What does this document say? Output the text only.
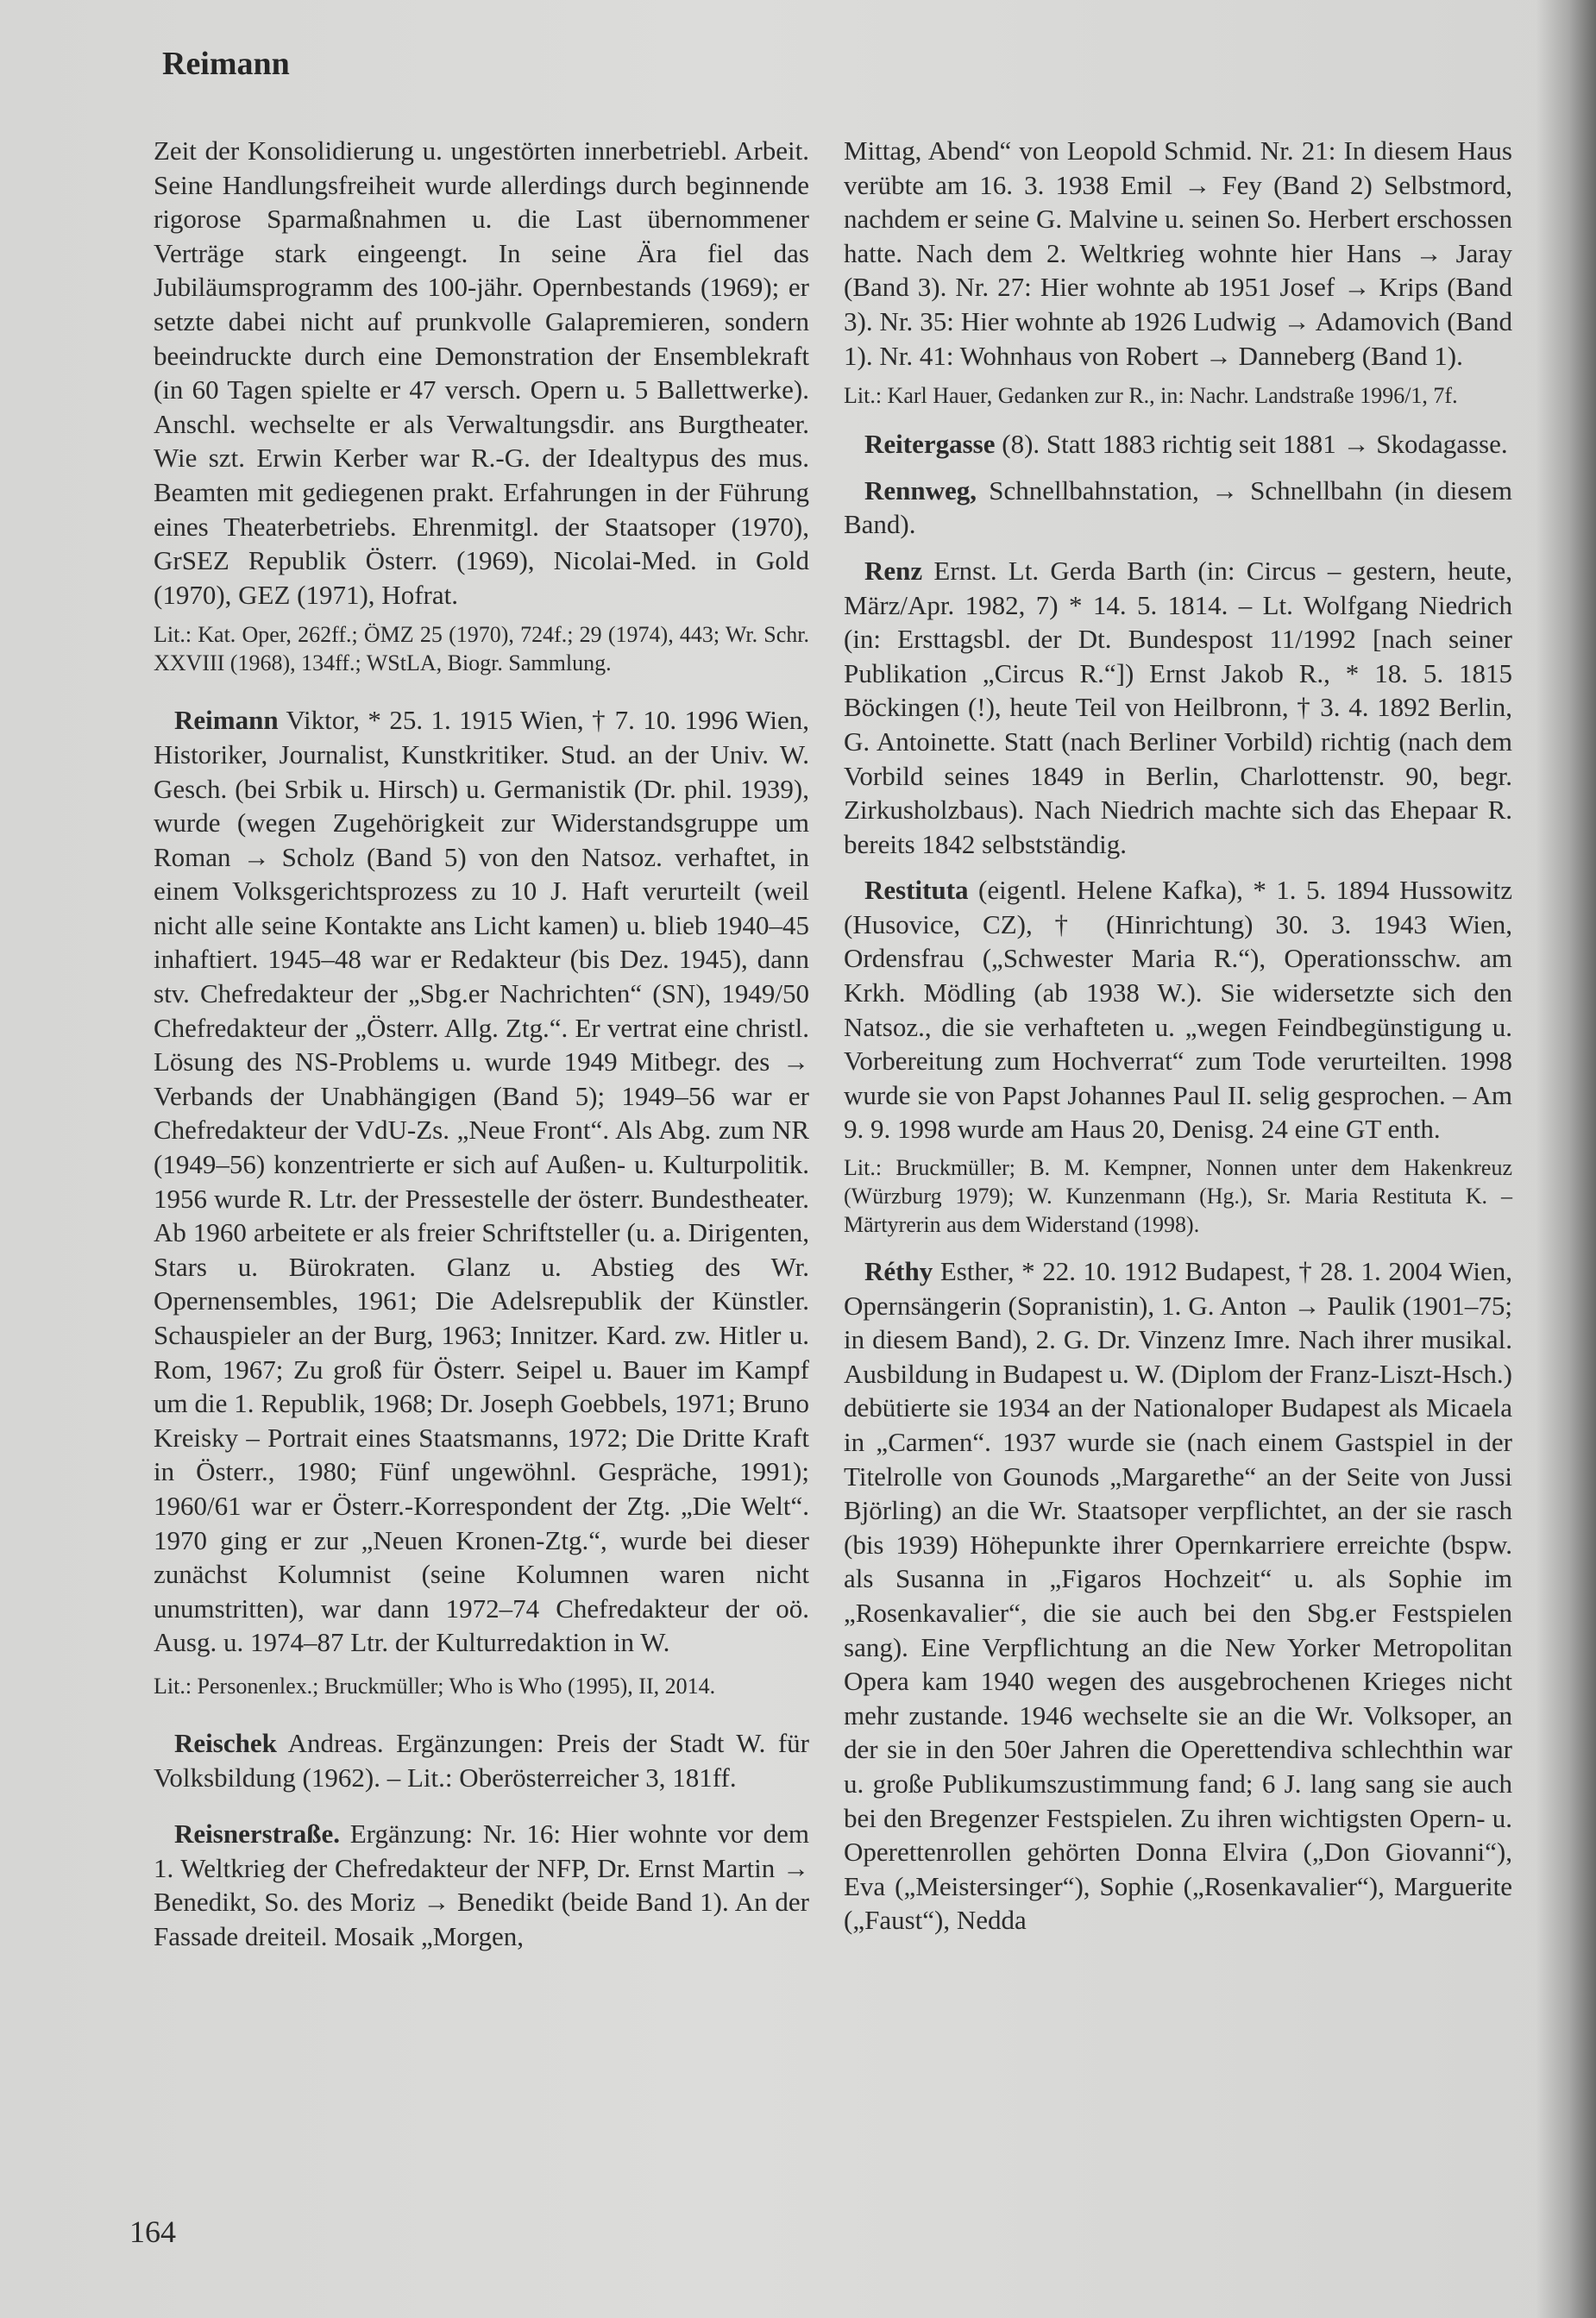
Reimann

Zeit der Konsolidierung u. ungestörten innerbetriebl. Arbeit. Seine Handlungsfreiheit wurde allerdings durch beginnende rigorose Sparmaßnahmen u. die Last übernommener Verträge stark eingeengt. In seine Ära fiel das Jubiläumsprogramm des 100-jähr. Opernbestands (1969); er setzte dabei nicht auf prunkvolle Galapremieren, sondern beeindruckte durch eine Demonstration der Ensemblekraft (in 60 Tagen spielte er 47 versch. Opern u. 5 Ballettwerke). Anschl. wechselte er als Verwaltungsdir. ans Burgtheater. Wie szt. Erwin Kerber war R.-G. der Idealtypus des mus. Beamten mit gediegenen prakt. Erfahrungen in der Führung eines Theaterbetriebs. Ehrenmitgl. der Staatsoper (1970), GrSEZ Republik Österr. (1969), Nicolai-Med. in Gold (1970), GEZ (1971), Hofrat.

Lit.: Kat. Oper, 262ff.; ÖMZ 25 (1970), 724f.; 29 (1974), 443; Wr. Schr. XXVIII (1968), 134ff.; WStLA, Biogr. Sammlung.

Reimann Viktor, * 25. 1. 1915 Wien, † 7. 10. 1996 Wien, Historiker, Journalist, Kunstkritiker. Stud. an der Univ. W. Gesch. (bei Srbik u. Hirsch) u. Germanistik (Dr. phil. 1939), wurde (wegen Zugehörigkeit zur Widerstandsgruppe um Roman → Scholz (Band 5) von den Natsoz. verhaftet, in einem Volksgerichtsprozess zu 10 J. Haft verurteilt (weil nicht alle seine Kontakte ans Licht kamen) u. blieb 1940–45 inhaftiert. 1945–48 war er Redakteur (bis Dez. 1945), dann stv. Chefredakteur der „Sbg.er Nachrichten“ (SN), 1949/50 Chefredakteur der „Österr. Allg. Ztg.“. Er vertrat eine christl. Lösung des NS-Problems u. wurde 1949 Mitbegr. des → Verbands der Unabhängigen (Band 5); 1949–56 war er Chefredakteur der VdU-Zs. „Neue Front“. Als Abg. zum NR (1949–56) konzentrierte er sich auf Außen- u. Kulturpolitik. 1956 wurde R. Ltr. der Pressestelle der österr. Bundestheater. Ab 1960 arbeitete er als freier Schriftsteller (u. a. Dirigenten, Stars u. Bürokraten. Glanz u. Abstieg des Wr. Opernensembles, 1961; Die Adelsrepublik der Künstler. Schauspieler an der Burg, 1963; Innitzer. Kard. zw. Hitler u. Rom, 1967; Zu groß für Österr. Seipel u. Bauer im Kampf um die 1. Republik, 1968; Dr. Joseph Goebbels, 1971; Bruno Kreisky – Portrait eines Staatsmanns, 1972; Die Dritte Kraft in Österr., 1980; Fünf ungewöhnl. Gespräche, 1991); 1960/61 war er Österr.-Korrespondent der Ztg. „Die Welt“. 1970 ging er zur „Neuen Kronen-Ztg.“, wurde bei dieser zunächst Kolumnist (seine Kolumnen waren nicht unumstritten), war dann 1972–74 Chefredakteur der oö. Ausg. u. 1974–87 Ltr. der Kulturredaktion in W.

Lit.: Personenlex.; Bruckmüller; Who is Who (1995), II, 2014.

Reischek Andreas. Ergänzungen: Preis der Stadt W. für Volksbildung (1962). – Lit.: Oberösterreicher 3, 181ff.

Reisnerstraße. Ergänzung: Nr. 16: Hier wohnte vor dem 1. Weltkrieg der Chefredakteur der NFP, Dr. Ernst Martin → Benedikt, So. des Moriz → Benedikt (beide Band 1). An der Fassade dreiteil. Mosaik „Morgen,

Mittag, Abend“ von Leopold Schmid. Nr. 21: In diesem Haus verübte am 16. 3. 1938 Emil → Fey (Band 2) Selbstmord, nachdem er seine G. Malvine u. seinen So. Herbert erschossen hatte. Nach dem 2. Weltkrieg wohnte hier Hans → Jaray (Band 3). Nr. 27: Hier wohnte ab 1951 Josef → Krips (Band 3). Nr. 35: Hier wohnte ab 1926 Ludwig → Adamovich (Band 1). Nr. 41: Wohnhaus von Robert → Danneberg (Band 1).

Lit.: Karl Hauer, Gedanken zur R., in: Nachr. Landstraße 1996/1, 7f.

Reitergasse (8). Statt 1883 richtig seit 1881 → Skodagasse.

Rennweg, Schnellbahnstation, → Schnellbahn (in diesem Band).

Renz Ernst. Lt. Gerda Barth (in: Circus – gestern, heute, März/Apr. 1982, 7) * 14. 5. 1814. – Lt. Wolfgang Niedrich (in: Ersttagsbl. der Dt. Bundespost 11/1992 [nach seiner Publikation „Circus R.“]) Ernst Jakob R., * 18. 5. 1815 Böckingen (!), heute Teil von Heilbronn, † 3. 4. 1892 Berlin, G. Antoinette. Statt (nach Berliner Vorbild) richtig (nach dem Vorbild seines 1849 in Berlin, Charlottenstr. 90, begr. Zirkusholzbaus). Nach Niedrich machte sich das Ehepaar R. bereits 1842 selbstständig.

Restituta (eigentl. Helene Kafka), * 1. 5. 1894 Hussowitz (Husovice, CZ), † (Hinrichtung) 30. 3. 1943 Wien, Ordensfrau („Schwester Maria R.“), Operationsschw. am Krkh. Mödling (ab 1938 W.). Sie widersetzte sich den Natsoz., die sie verhafteten u. „wegen Feindbegünstigung u. Vorbereitung zum Hochverrat“ zum Tode verurteilten. 1998 wurde sie von Papst Johannes Paul II. selig gesprochen. – Am 9. 9. 1998 wurde am Haus 20, Denisg. 24 eine GT enth.

Lit.: Bruckmüller; B. M. Kempner, Nonnen unter dem Hakenkreuz (Würzburg 1979); W. Kunzenmann (Hg.), Sr. Maria Restituta K. – Märtyrerin aus dem Widerstand (1998).

Réthy Esther, * 22. 10. 1912 Budapest, † 28. 1. 2004 Wien, Opernsängerin (Sopranistin), 1. G. Anton → Paulik (1901–75; in diesem Band), 2. G. Dr. Vinzenz Imre. Nach ihrer musikal. Ausbildung in Budapest u. W. (Diplom der Franz-Liszt-Hsch.) debütierte sie 1934 an der Nationaloper Budapest als Micaela in „Carmen“. 1937 wurde sie (nach einem Gastspiel in der Titelrolle von Gounods „Margarethe“ an der Seite von Jussi Björling) an die Wr. Staatsoper verpflichtet, an der sie rasch (bis 1939) Höhepunkte ihrer Opernkarriere erreichte (bspw. als Susanna in „Figaros Hochzeit“ u. als Sophie im „Rosenkavalier“, die sie auch bei den Sbg.er Festspielen sang). Eine Verpflichtung an die New Yorker Metropolitan Opera kam 1940 wegen des ausgebrochenen Krieges nicht mehr zustande. 1946 wechselte sie an die Wr. Volksoper, an der sie in den 50er Jahren die Operettendiva schlechthin war u. große Publikumszustimmung fand; 6 J. lang sang sie auch bei den Bregenzer Festspielen. Zu ihren wichtigsten Opern- u. Operettenrollen gehörten Donna Elvira („Don Giovanni“), Eva („Meistersinger“), Sophie („Rosenkavalier“), Marguerite („Faust“), Nedda

164
